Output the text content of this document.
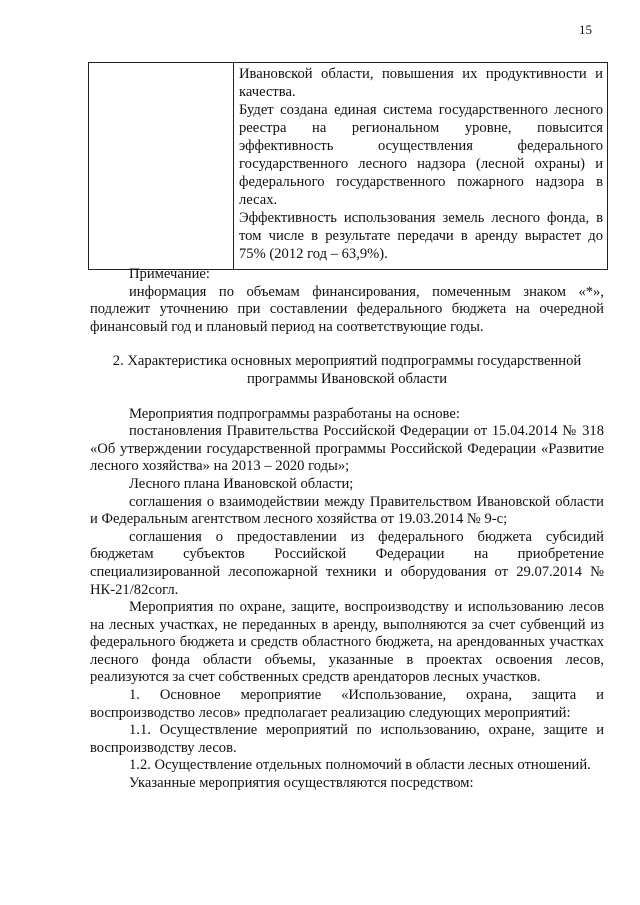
15

Ивановской области, повышения их продуктивности и качества.

Будет создана единая система государственного лесного реестра на региональном уровне, повысится эффективность осуществления федерального государственного лесного надзора (лесной охраны) и федерального государственного пожарного надзора в лесах.

Эффективность использования земель лесного фонда, в том числе в результате передачи в аренду вырастет до 75% (2012 год – 63,9%).

Примечание:

информация по объемам финансирования, помеченным знаком «*», подлежит уточнению при составлении федерального бюджета на очередной финансовый год и плановый период на соответствующие годы.

2. Характеристика основных мероприятий подпрограммы государственной программы Ивановской области

Мероприятия подпрограммы разработаны на основе:

постановления Правительства Российской Федерации от 15.04.2014 № 318 «Об утверждении государственной программы Российской Федерации «Развитие лесного хозяйства» на 2013 – 2020 годы»;

Лесного плана Ивановской области;

соглашения о взаимодействии между Правительством Ивановской области и Федеральным агентством лесного хозяйства от 19.03.2014 № 9-с;

соглашения о предоставлении из федерального бюджета субсидий бюджетам субъектов Российской Федерации на приобретение специализированной лесопожарной техники и оборудования от 29.07.2014 № НК-21/82согл.

Мероприятия по охране, защите, воспроизводству и использованию лесов на лесных участках, не переданных в аренду, выполняются за счет субвенций из федерального бюджета и средств областного бюджета, на арендованных участках лесного фонда области объемы, указанные в проектах освоения лесов, реализуются за счет собственных средств арендаторов лесных участков.

1. Основное мероприятие «Использование, охрана, защита и воспроизводство лесов» предполагает реализацию следующих мероприятий:

1.1. Осуществление мероприятий по использованию, охране, защите и воспроизводству лесов.

1.2. Осуществление отдельных полномочий в области лесных отношений.

Указанные мероприятия осуществляются посредством:
